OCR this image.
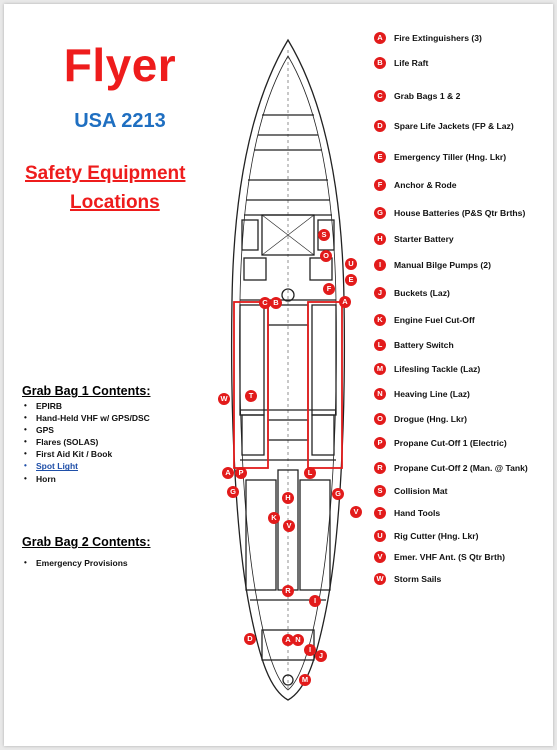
Flyer
USA 2213
Safety Equipment
Locations
Grab Bag 1 Contents:
• EPIRB
• Hand-Held VHF w/ GPS/DSC
• GPS
• Flares (SOLAS)
• First Aid Kit / Book
• Spot Light
• Horn
Grab Bag 2 Contents:
• Emergency Provisions
S
O
U
E
F
A
C B
W	T
A	P	L
G
H	G
V
K
V
R
I
D	A N
I
J
M
A	Fire Extinguishers (3)
B	Life Raft
C	Grab Bags 1 & 2
D	Spare Life Jackets (FP & Laz)
E	Emergency Tiller (Hng. Lkr)
F	Anchor & Rode
G	House Batteries (P&S Qtr Brths)
H	Starter Battery
I	Manual Bilge Pumps (2)
J	Buckets (Laz)
K	Engine Fuel Cut-Off
L	Battery Switch
M	Lifesling Tackle (Laz)
N	Heaving Line (Laz)
O	Drogue (Hng. Lkr)
P	Propane Cut-Off 1 (Electric)
R	Propane Cut-Off 2 (Man. @ Tank)
S	Collision Mat
T	Hand Tools
U	Rig Cutter (Hng. Lkr)
V	Emer. VHF Ant. (S Qtr Brth)
W Storm Sails
